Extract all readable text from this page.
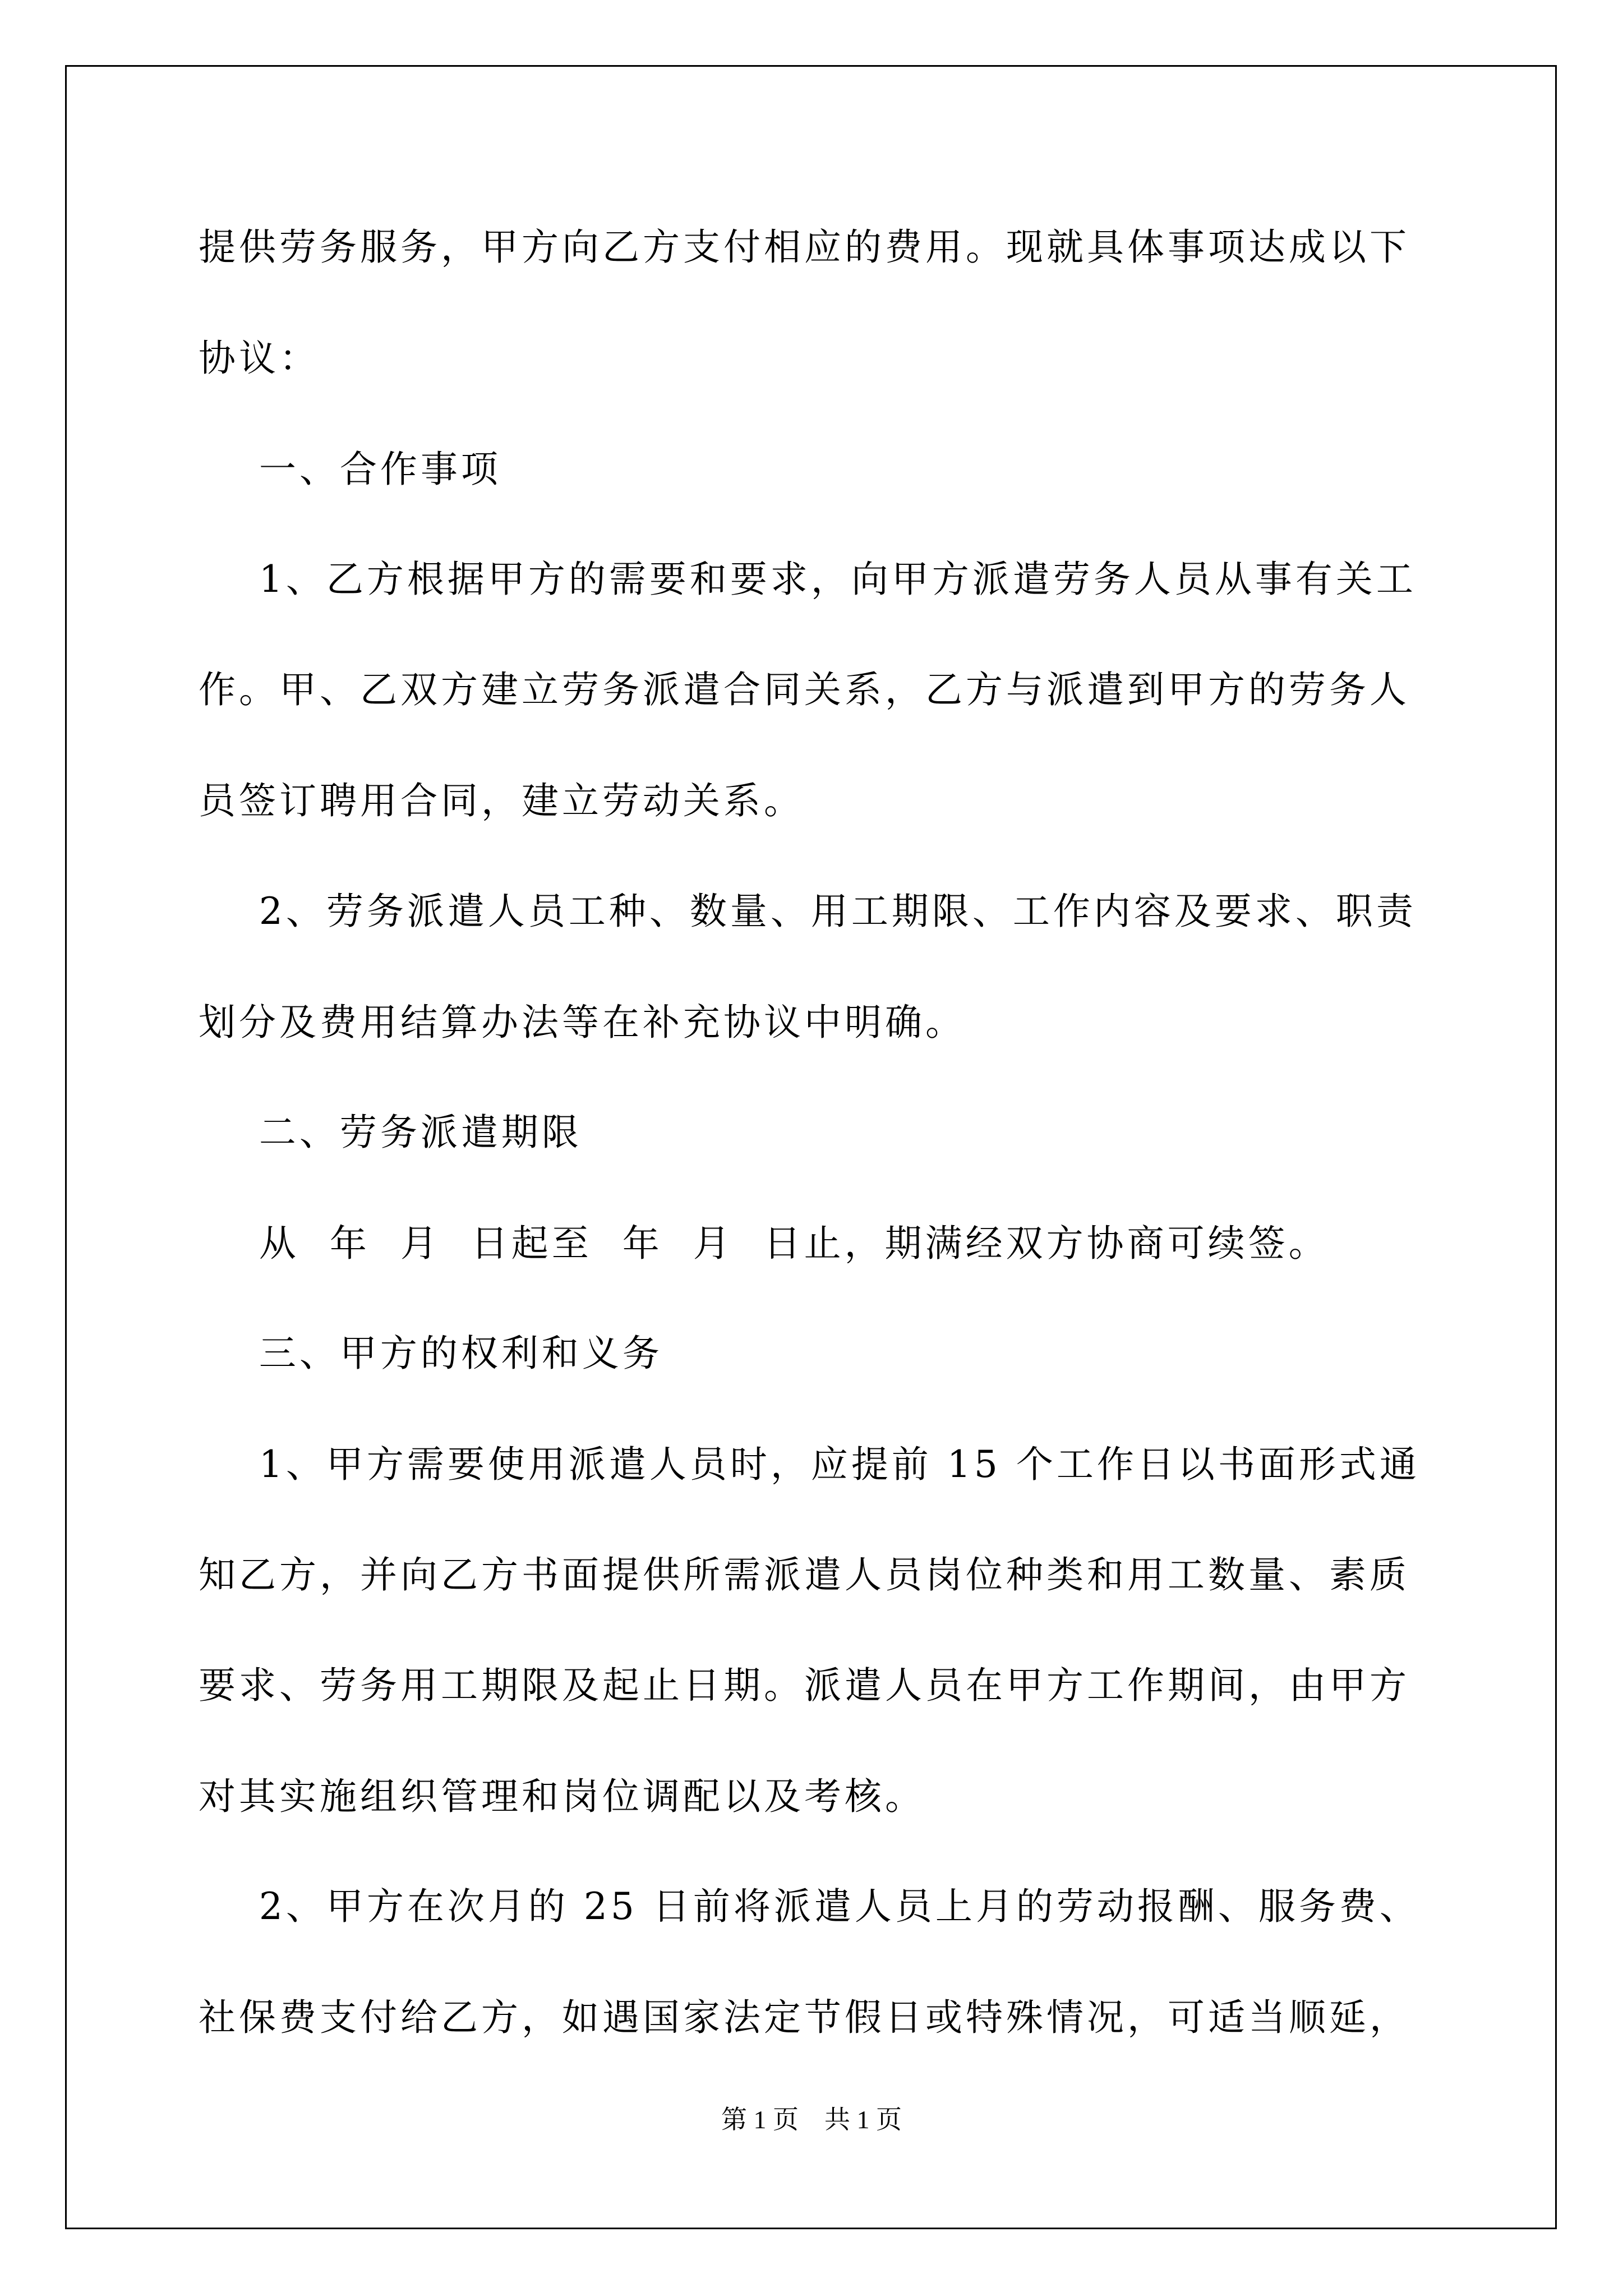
提供劳务服务，甲方向乙方支付相应的费用。现就具体事项达成以下
协议：
一、合作事项
1、乙方根据甲方的需要和要求，向甲方派遣劳务人员从事有关工
作。甲、乙双方建立劳务派遣合同关系，乙方与派遣到甲方的劳务人
员签订聘用合同，建立劳动关系。
2、劳务派遣人员工种、数量、用工期限、工作内容及要求、职责
划分及费用结算办法等在补充协议中明确。
二、劳务派遣期限
从  年  月  日起至  年  月  日止，期满经双方协商可续签。
三、甲方的权利和义务
1、甲方需要使用派遣人员时，应提前 15 个工作日以书面形式通
知乙方，并向乙方书面提供所需派遣人员岗位种类和用工数量、素质
要求、劳务用工期限及起止日期。派遣人员在甲方工作期间，由甲方
对其实施组织管理和岗位调配以及考核。
2、甲方在次月的 25 日前将派遣人员上月的劳动报酬、服务费、
社保费支付给乙方，如遇国家法定节假日或特殊情况，可适当顺延，
第 1 页    共 1 页
